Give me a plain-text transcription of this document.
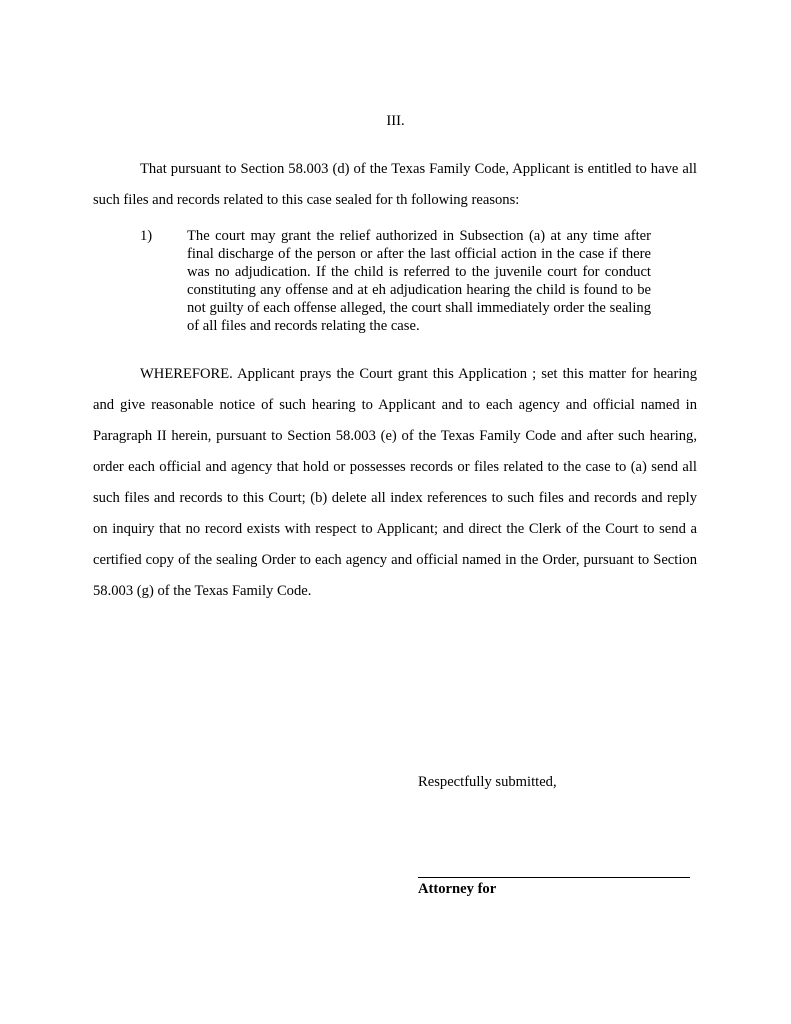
III.

That pursuant to Section 58.003 (d) of the Texas Family Code, Applicant is entitled to have all such files and records related to this case sealed for th following reasons:

1) The court may grant the relief authorized in Subsection (a) at any time after final discharge of the person or after the last official action in the case if there was no adjudication. If the child is referred to the juvenile court for conduct constituting any offense and at eh adjudication hearing the child is found to be not guilty of each offense alleged, the court shall immediately order the sealing of all files and records relating the case.

WHEREFORE. Applicant prays the Court grant this Application ; set this matter for hearing and give reasonable notice of such hearing to Applicant and to each agency and official named in Paragraph II herein, pursuant to Section 58.003 (e) of the Texas Family Code and after such hearing, order each official and agency that hold or possesses records or files related to the case to (a) send all such files and records to this Court; (b) delete all index references to such files and records and reply on inquiry that no record exists with respect to Applicant; and direct the Clerk of the Court to send a certified copy of the sealing Order to each agency and official named in the Order, pursuant to Section 58.003 (g) of the Texas Family Code.

Respectfully submitted,
Attorney for
